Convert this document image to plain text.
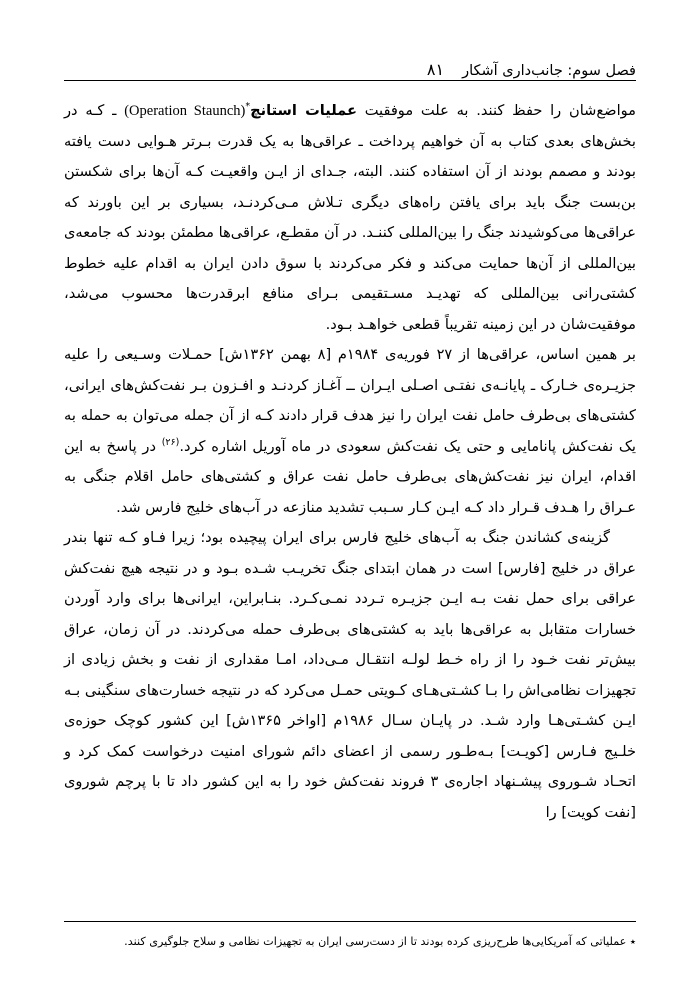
فصل سوم: جانب‌داری آشکار
۸۱

مواضع‌شان را حفظ کنند. به علت موفقیت عملیات استانچ*(Operation Staunch) ـ کـه در بخش‌های بعدی کتاب به آن خواهیم پرداخت ـ عراقی‌ها به یک قدرت بـرتر هـوایی دست یافته بودند و مصمم بودند از آن استفاده کنند. البته، جـدای از ایـن واقعیـت کـه آن‌ها برای شکستن بن‌بست جنگ باید برای یافتن راه‌های دیگری تـلاش مـی‌کردنـد، بسیاری بر این باورند که عراقی‌ها می‌کوشیدند جنگ را بین‌المللی کننـد. در آن مقطـع، عراقی‌ها مطمئن بودند که جامعه‌ی بین‌المللی از آن‌ها حمایت می‌کند و فکر می‌کردند با سوق دادن ایران به اقدام علیه خطوط کشتی‌رانی بین‌المللی که تهدیـد مسـتقیمی بـرای منافع ابرقدرت‌ها محسوب می‌شد، موفقیت‌شان در این زمینه تقریباً قطعی خواهـد بـود.

بر همین اساس، عراقی‌ها از ۲۷ فوریه‌ی ۱۹۸۴م [۸ بهمن ۱۳۶۲ش] حمـلات وسـیعی را علیه جزیـره‌ی خـارک ـ پایانـه‌ی نفتـی اصـلی ایـران ــ آغـاز کردنـد و افـزون بـر نفت‌کش‌های ایرانی، کشتی‌های بی‌طرف حامل نفت ایران را نیز هدف قرار دادند کـه از آن جمله می‌توان به حمله به یک نفت‌کش پانامایی و حتی یک نفت‌کش سعودی در ماه آوریل اشاره کرد.$^{(۲۶)}$ در پاسخ به این اقدام، ایران نیز نفت‌کش‌های بی‌طرف حامل نفت عراق و کشتی‌های حامل اقلام جنگی به عـراق را هـدف قـرار داد کـه ایـن کـار سـبب تشدید منازعه در آب‌های خلیج فارس شد.

گزینه‌ی کشاندن جنگ به آب‌های خلیج فارس برای ایران پیچیده بود؛ زیرا فـاو کـه تنها بندر عراق در خلیج [فارس] است در همان ابتدای جنگ تخریـب شـده بـود و در نتیجه هیچ نفت‌کش عراقی برای حمل نفت بـه ایـن جزیـره تـردد نمـی‌کـرد. بنـابراین، ایرانی‌ها برای وارد آوردن خسارات متقابل به عراقی‌ها باید به کشتی‌های بی‌طرف حمله می‌کردند. در آن زمان، عراق بیش‌تر نفت خـود را از راه خـط لولـه انتقـال مـی‌داد، امـا مقداری از نفت و بخش زیادی از تجهیزات نظامی‌اش را بـا کشـتی‌هـای کـویتی حمـل می‌کرد که در نتیجه خسارت‌های سنگینی بـه ایـن کشـتی‌هـا وارد شـد. در پایـان سـال ۱۹۸۶م [اواخر ۱۳۶۵ش] این کشور کوچک حوزه‌ی خلـیج فـارس [کویـت] بـه‌طـور رسمی از اعضای دائم شورای امنیت درخواست کمک کرد و اتحـاد شـوروی پیشـنهاد اجاره‌ی ۳ فروند نفت‌کش خود را به این کشور داد تا با پرچم شوروی [نفت کویت] را

٭ عملیاتی که آمریکایی‌ها طرح‌ریزی کرده بودند تا از دست‌رسی ایران به تجهیزات نظامی و سلاح جلوگیری کنند.
